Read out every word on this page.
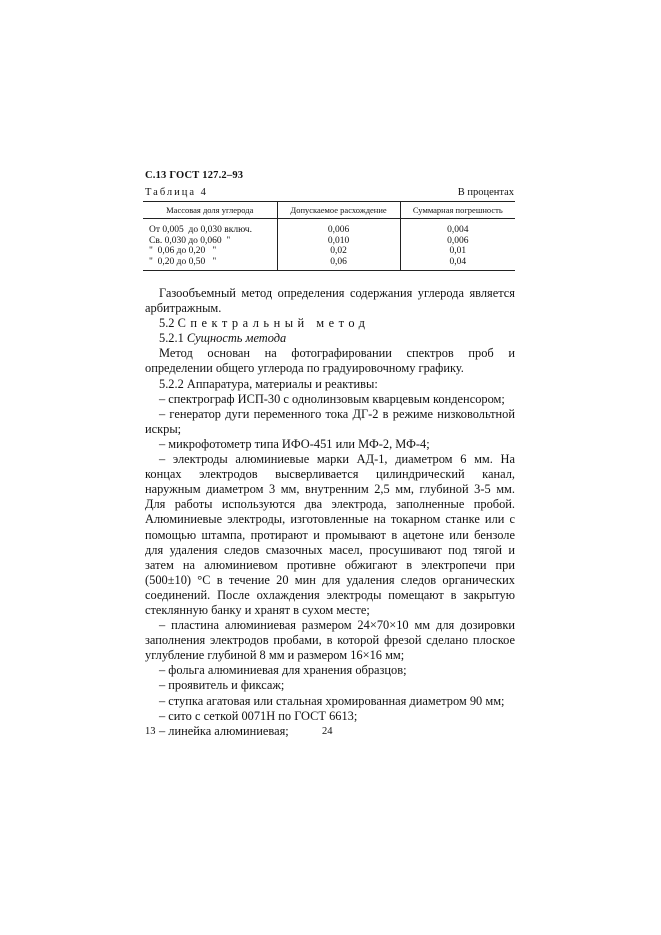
С.13 ГОСТ 127.2–93
Таблица 4	В процентах
Массовая доля углерода	Допускаемое расхождение	Суммарная погрешность
От 0,005  до 0,030 включ.	0,006	0,004
Св. 0,030 до 0,060  "	0,010	0,006
"  0,06 до 0,20   "	0,02	0,01
"  0,20 до 0,50   "	0,06	0,04

Газообъемный метод определения содержания углерода является арбитражным.

5.2 Спектральный метод

5.2.1 Сущность метода

Метод основан на фотографировании спектров проб и определении общего углерода по градуировочному графику.

5.2.2 Аппаратура, материалы и реактивы:

– спектрограф ИСП-30 с однолинзовым кварцевым конденсором;

– генератор дуги переменного тока ДГ-2 в режиме низковольтной искры;

– микрофотометр типа ИФО-451 или МФ-2, МФ-4;

– электроды алюминиевые марки АД-1, диаметром 6 мм. На концах электродов высверливается цилиндрический канал, наружным диаметром 3 мм, внутренним 2,5 мм, глубиной 3-5 мм. Для работы используются два электрода, заполненные пробой. Алюминиевые электроды, изготовленные на токарном станке или с помощью штампа, протирают и промывают в ацетоне или бензоле для удаления следов смазочных масел, просушивают под тягой и затем на алюминиевом противне обжигают в электропечи при (500±10) °С в течение 20 мин для удаления следов органических соединений. После охлаждения электроды помещают в закрытую стеклянную банку и хранят в сухом месте;

– пластина алюминиевая размером 24×70×10 мм для дозировки заполнения электродов пробами, в которой фрезой сделано плоское углубление глубиной 8 мм и размером 16×16 мм;

– фольга алюминиевая для хранения образцов;

– проявитель и фиксаж;

– ступка агатовая или стальная хромированная диаметром 90 мм;

– сито с сеткой 0071Н по ГОСТ 6613;

– линейка алюминиевая;

13	24
